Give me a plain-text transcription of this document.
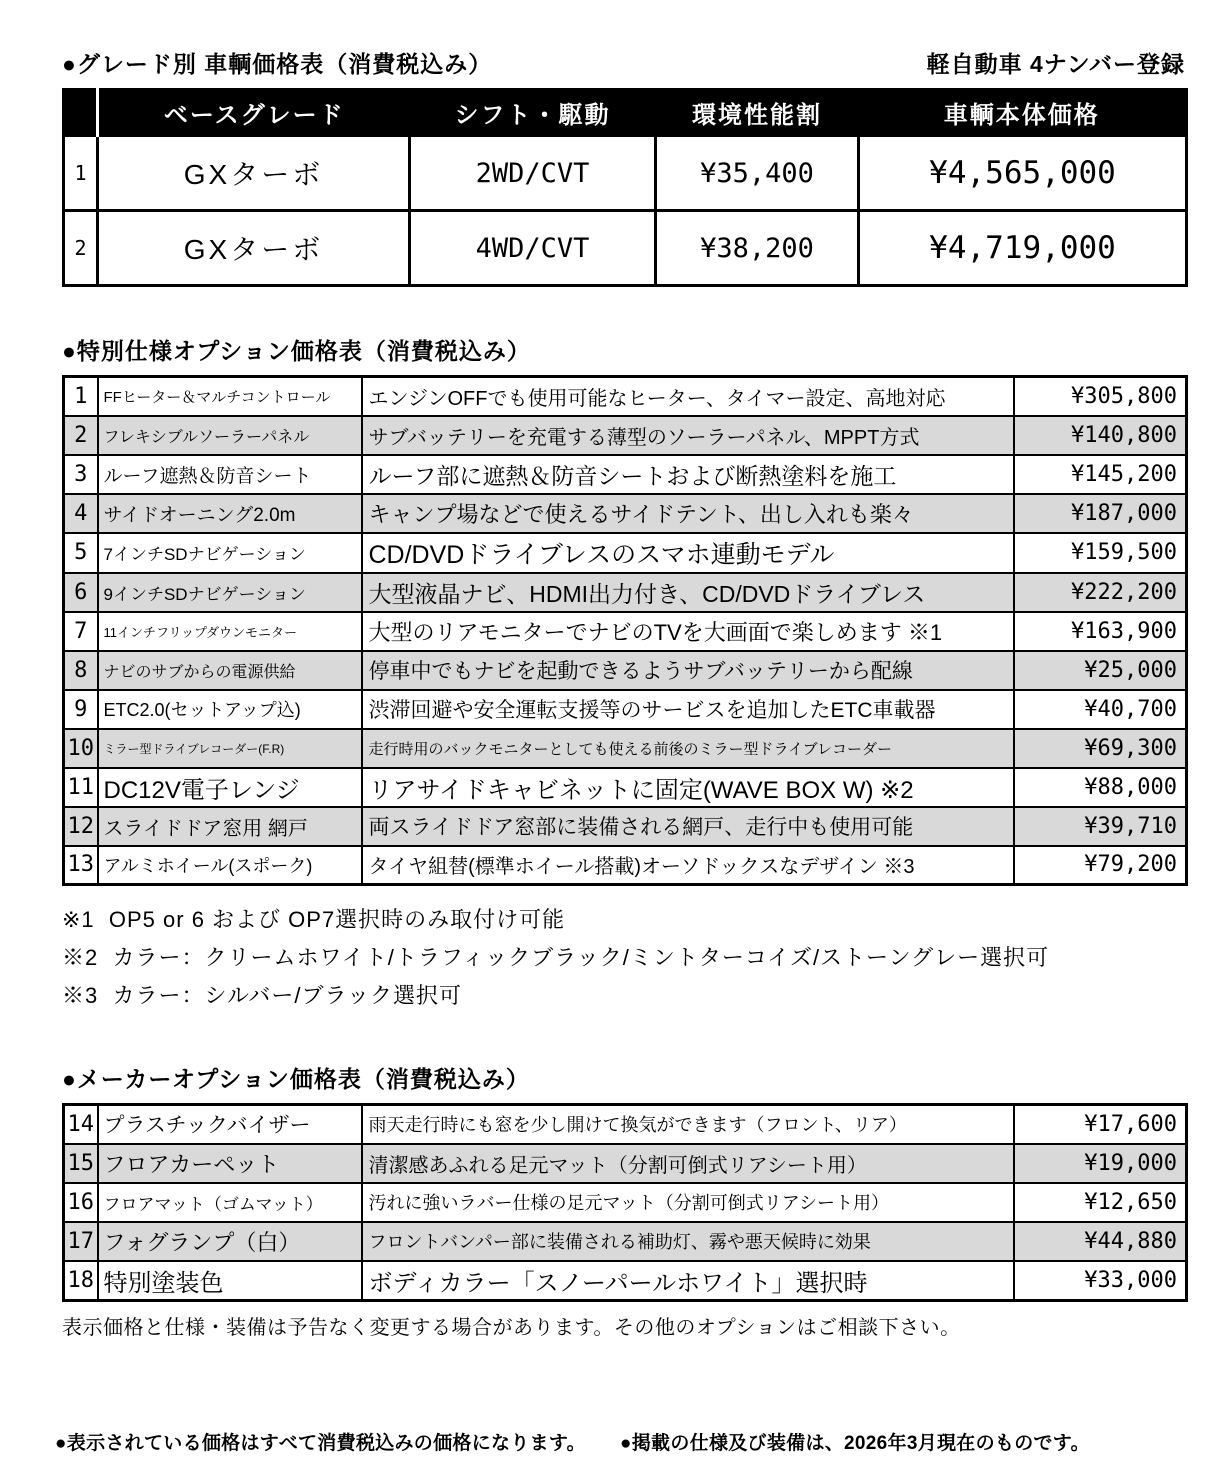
●グレード別 車輌価格表（消費税込み）	軽自動車 4ナンバー登録
	ベースグレード	シフト・駆動	環境性能割	車輌本体価格
1	GXターボ	2WD/CVT	¥35,400	¥4,565,000
2	GXターボ	4WD/CVT	¥38,200	¥4,719,000
●特別仕様オプション価格表（消費税込み）
1	FFヒーター＆マルチコントロール	エンジンOFFでも使用可能なヒーター、タイマー設定、高地対応	¥305,800
2	フレキシブルソーラーパネル	サブバッテリーを充電する薄型のソーラーパネル、MPPT方式	¥140,800
3	ルーフ遮熱＆防音シート	ルーフ部に遮熱＆防音シートおよび断熱塗料を施工	¥145,200
4	サイドオーニング2.0m	キャンプ場などで使えるサイドテント、出し入れも楽々	¥187,000
5	7インチSDナビゲーション	CD/DVDドライブレスのスマホ連動モデル	¥159,500
6	9インチSDナビゲーション	大型液晶ナビ、HDMI出力付き、CD/DVDドライブレス	¥222,200
7	11インチフリップダウンモニター	大型のリアモニターでナビのTVを大画面で楽しめます ※1	¥163,900
8	ナビのサブからの電源供給	停車中でもナビを起動できるようサブバッテリーから配線	¥25,000
9	ETC2.0(セットアップ込)	渋滞回避や安全運転支援等のサービスを追加したETC車載器	¥40,700
10	ミラー型ドライブレコーダー(F.R)	走行時用のバックモニターとしても使える前後のミラー型ドライブレコーダー	¥69,300
11	DC12V電子レンジ	リアサイドキャビネットに固定(WAVE BOX W) ※2	¥88,000
12	スライドドア窓用 網戸	両スライドドア窓部に装備される網戸、走行中も使用可能	¥39,710
13	アルミホイール(スポーク)	タイヤ組替(標準ホイール搭載)オーソドックスなデザイン ※3	¥79,200
※1  OP5 or 6 および OP7選択時のみ取付け可能
※2  カラー：クリームホワイト/トラフィックブラック/ミントターコイズ/ストーングレー選択可
※3  カラー：シルバー/ブラック選択可
●メーカーオプション価格表（消費税込み）
14	プラスチックバイザー	雨天走行時にも窓を少し開けて換気ができます（フロント、リア）	¥17,600
15	フロアカーペット	清潔感あふれる足元マット（分割可倒式リアシート用）	¥19,000
16	フロアマット（ゴムマット）	汚れに強いラバー仕様の足元マット（分割可倒式リアシート用）	¥12,650
17	フォグランプ（白）	フロントバンパー部に装備される補助灯、霧や悪天候時に効果	¥44,880
18	特別塗装色	ボディカラー「スノーパールホワイト」選択時	¥33,000
表示価格と仕様・装備は予告なく変更する場合があります。その他のオプションはご相談下さい。
●表示されている価格はすべて消費税込みの価格になります。 ●掲載の仕様及び装備は、2026年3月現在のものです。
